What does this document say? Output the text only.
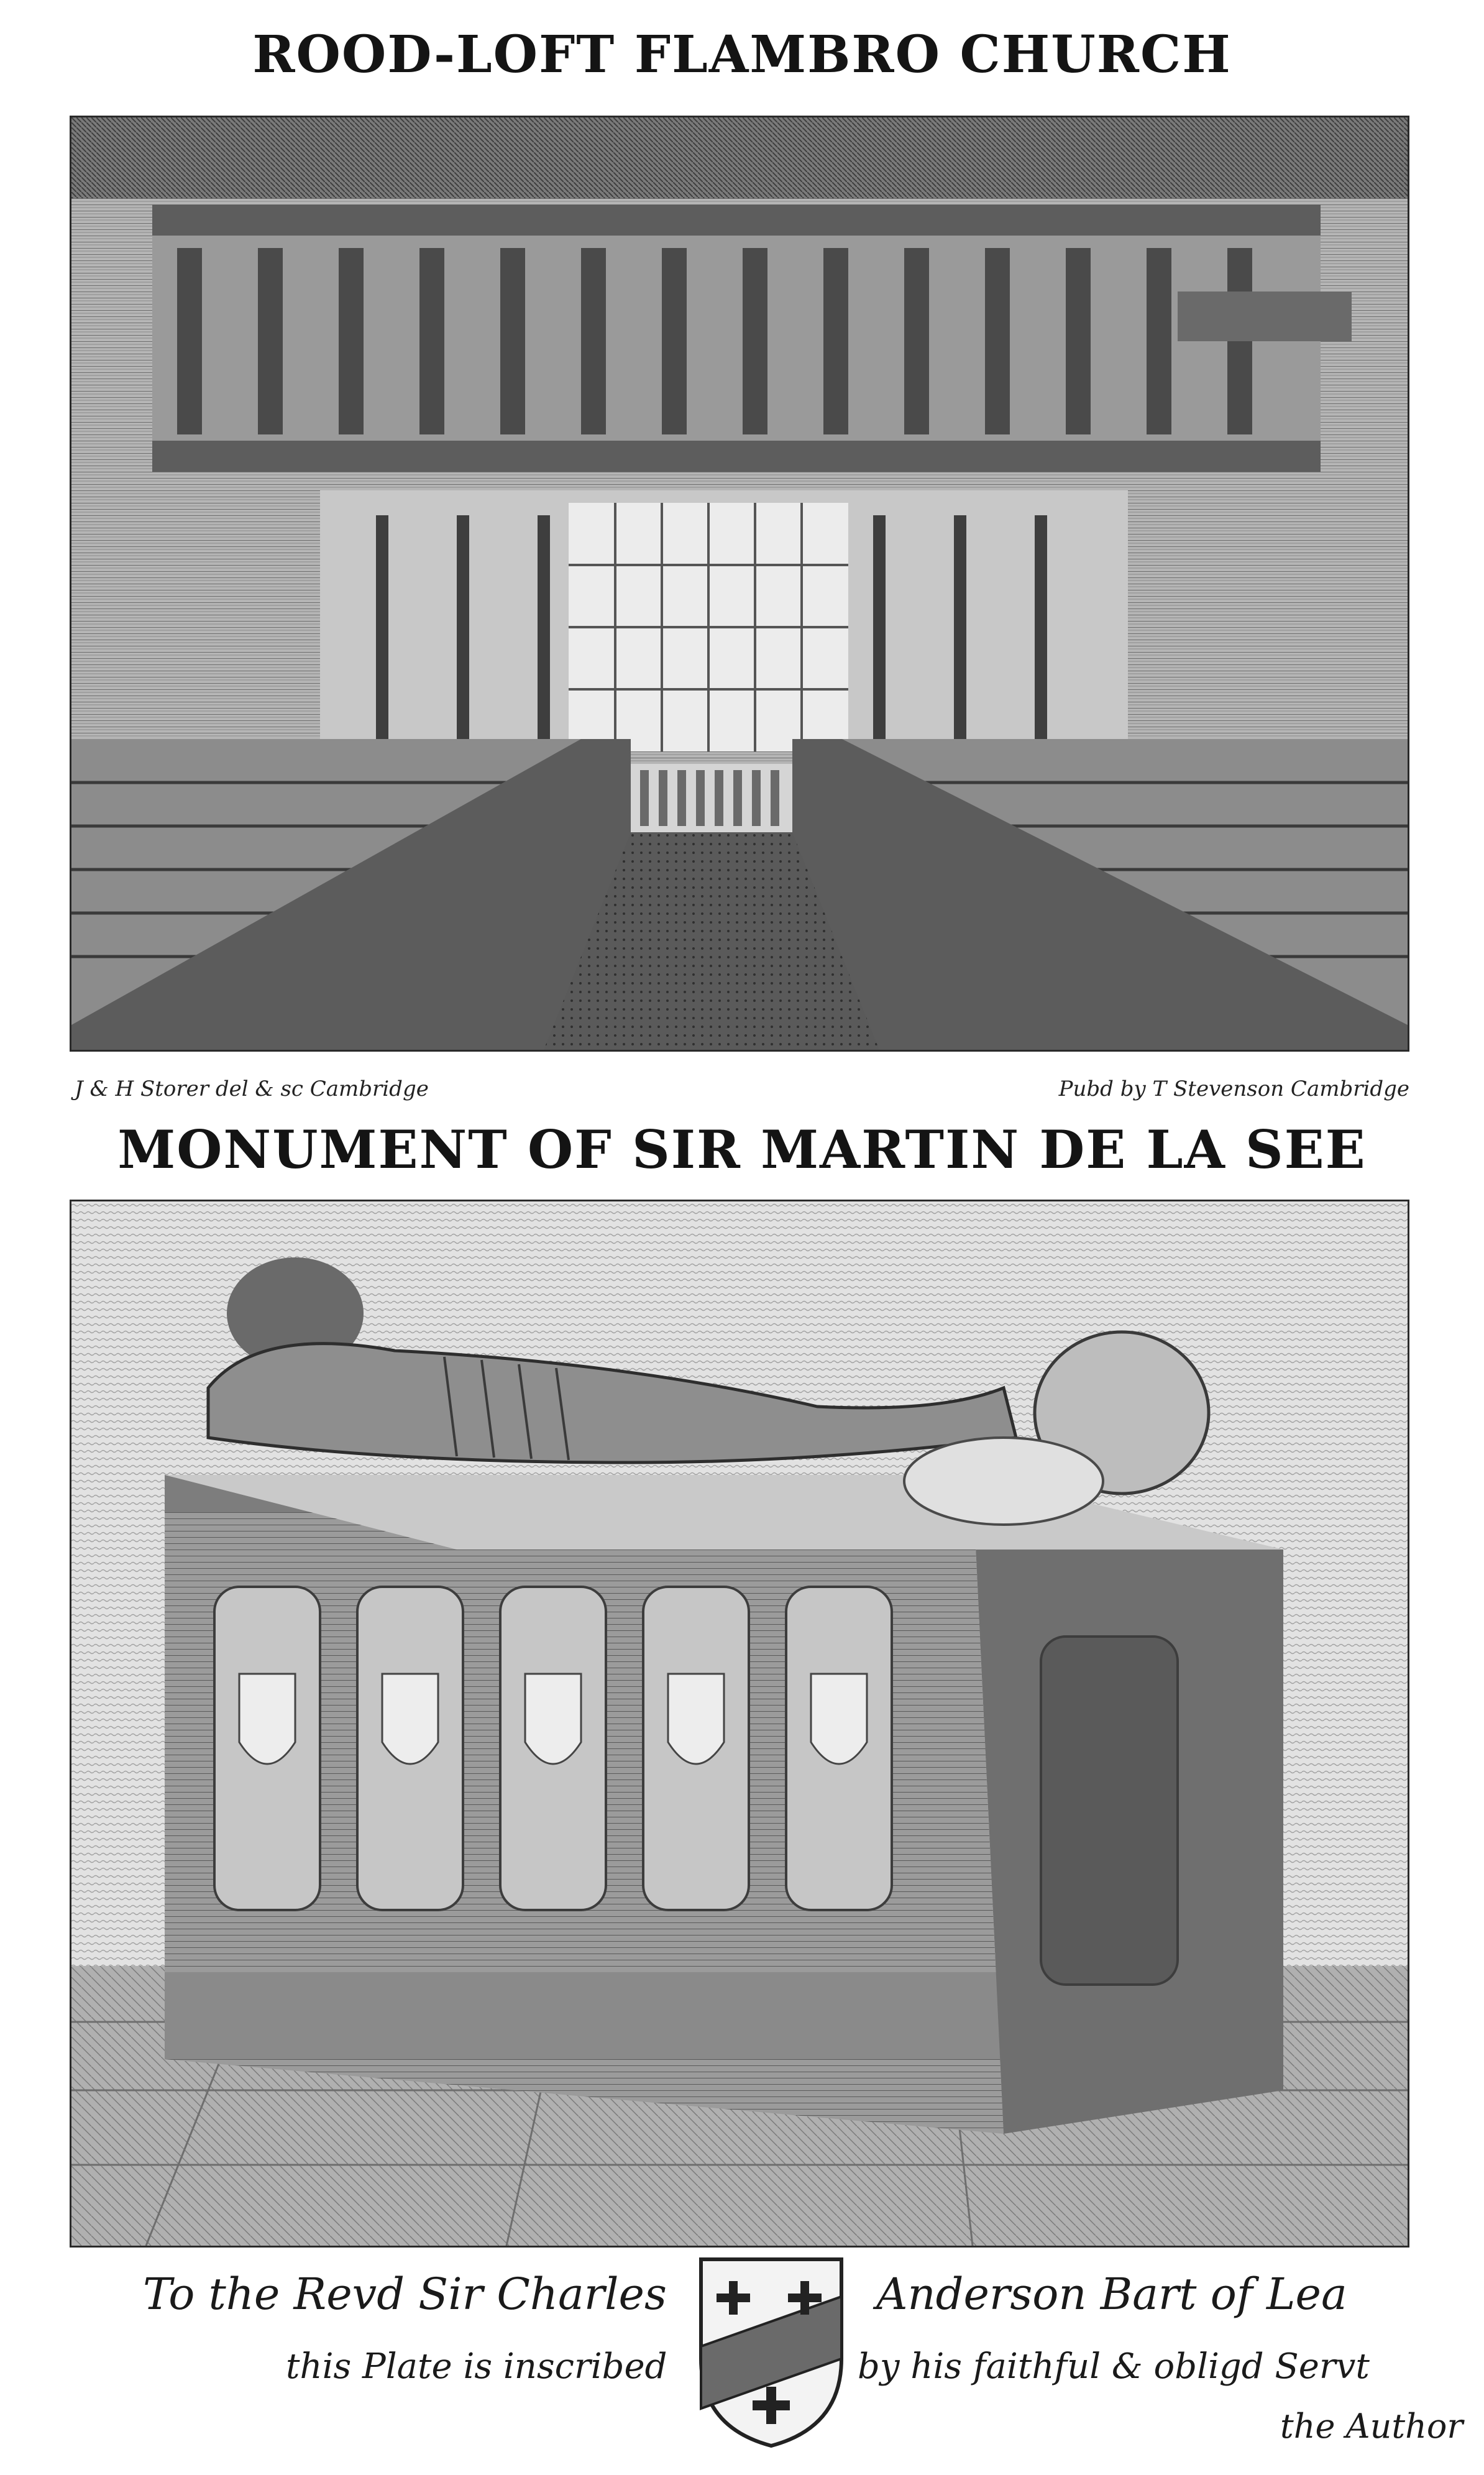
ROOD-LOFT FLAMBRO CHURCH
J & H Storer del & sc Cambridge	Pubd by T Stevenson Cambridge
MONUMENT OF SIR MARTIN DE LA SEE
To the Revd Sir Charles	Anderson Bart of Lea
this Plate is inscribed	by his faithful & obligd Servt
the Author
